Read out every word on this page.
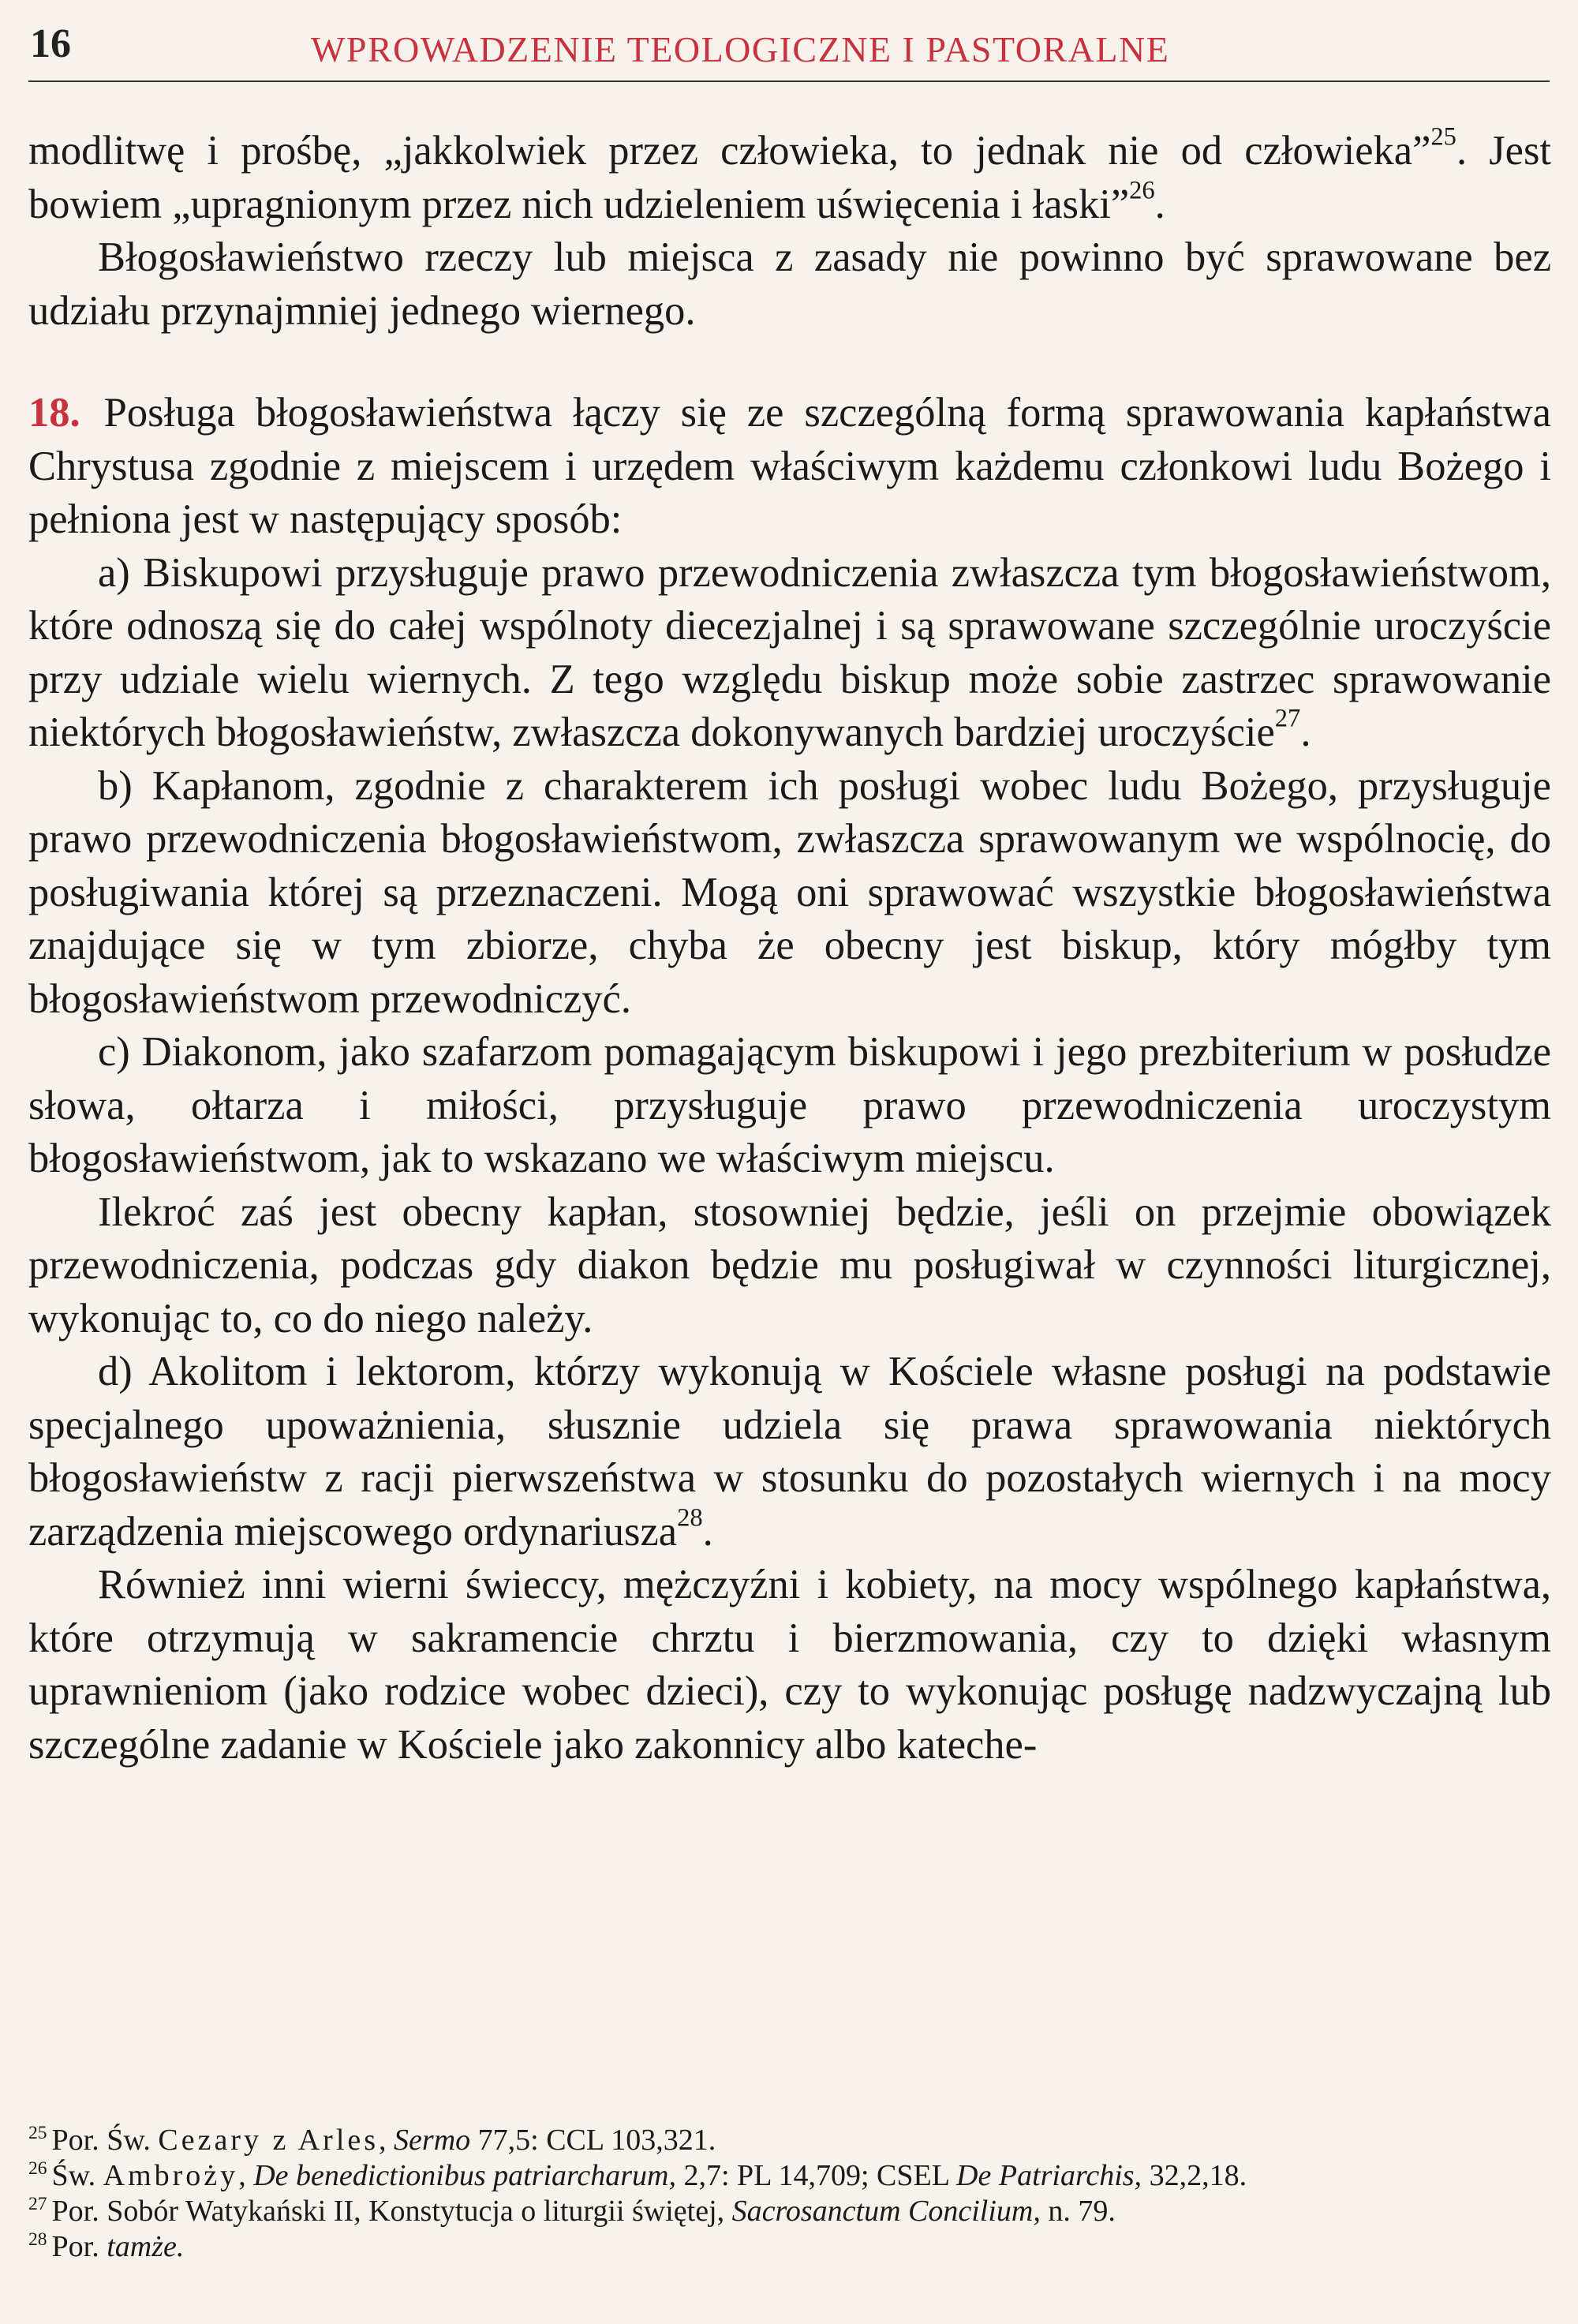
16	WPROWADZENIE TEOLOGICZNE I PASTORALNE

modlitwę i prośbę, „jakkolwiek przez człowieka, to jednak nie od człowieka”$^{25}$. Jest bowiem „upragnionym przez nich udzieleniem uświęcenia i łaski”$^{26}$.

Błogosławieństwo rzeczy lub miejsca z zasady nie powinno być sprawowane bez udziału przynajmniej jednego wiernego.

18. Posługa błogosławieństwa łączy się ze szczególną formą sprawowania kapłaństwa Chrystusa zgodnie z miejscem i urzędem właściwym każdemu członkowi ludu Bożego i pełniona jest w następujący sposób:

a) Biskupowi przysługuje prawo przewodniczenia zwłaszcza tym błogosławieństwom, które odnoszą się do całej wspólnoty diecezjalnej i są sprawowane szczególnie uroczyście przy udziale wielu wiernych. Z tego względu biskup może sobie zastrzec sprawowanie niektórych błogosławieństw, zwłaszcza dokonywanych bardziej uroczyście$^{27}$.

b) Kapłanom, zgodnie z charakterem ich posługi wobec ludu Bożego, przysługuje prawo przewodniczenia błogosławieństwom, zwłaszcza sprawowanym we wspólnocię, do posługiwania której są przeznaczeni. Mogą oni sprawować wszystkie błogosławieństwa znajdujące się w tym zbiorze, chyba że obecny jest biskup, który mógłby tym błogosławieństwom przewodniczyć.

c) Diakonom, jako szafarzom pomagającym biskupowi i jego prezbiterium w posłudze słowa, ołtarza i miłości, przysługuje prawo przewodniczenia uroczystym błogosławieństwom, jak to wskazano we właściwym miejscu.

Ilekroć zaś jest obecny kapłan, stosowniej będzie, jeśli on przejmie obowiązek przewodniczenia, podczas gdy diakon będzie mu posługiwał w czynności liturgicznej, wykonując to, co do niego należy.

d) Akolitom i lektorom, którzy wykonują w Kościele własne posługi na podstawie specjalnego upoważnienia, słusznie udziela się prawa sprawowania niektórych błogosławieństw z racji pierwszeństwa w stosunku do pozostałych wiernych i na mocy zarządzenia miejscowego ordynariusza$^{28}$.

Również inni wierni świeccy, mężczyźni i kobiety, na mocy wspólnego kapłaństwa, które otrzymują w sakramencie chrztu i bierzmowania, czy to dzięki własnym uprawnieniom (jako rodzice wobec dzieci), czy to wykonując posługę nadzwyczajną lub szczególne zadanie w Kościele jako zakonnicy albo kateche-

$^{25}$ Por. Św. Cezary z Arles, Sermo 77,5: CCL 103,321.

$^{26}$ Św. Ambroży, De benedictionibus patriarcharum, 2,7: PL 14,709; CSEL De Patriarchis, 32,2,18.

$^{27}$ Por. Sobór Watykański II, Konstytucja o liturgii świętej, Sacrosanctum Concilium, n. 79.

$^{28}$ Por. tamże.
